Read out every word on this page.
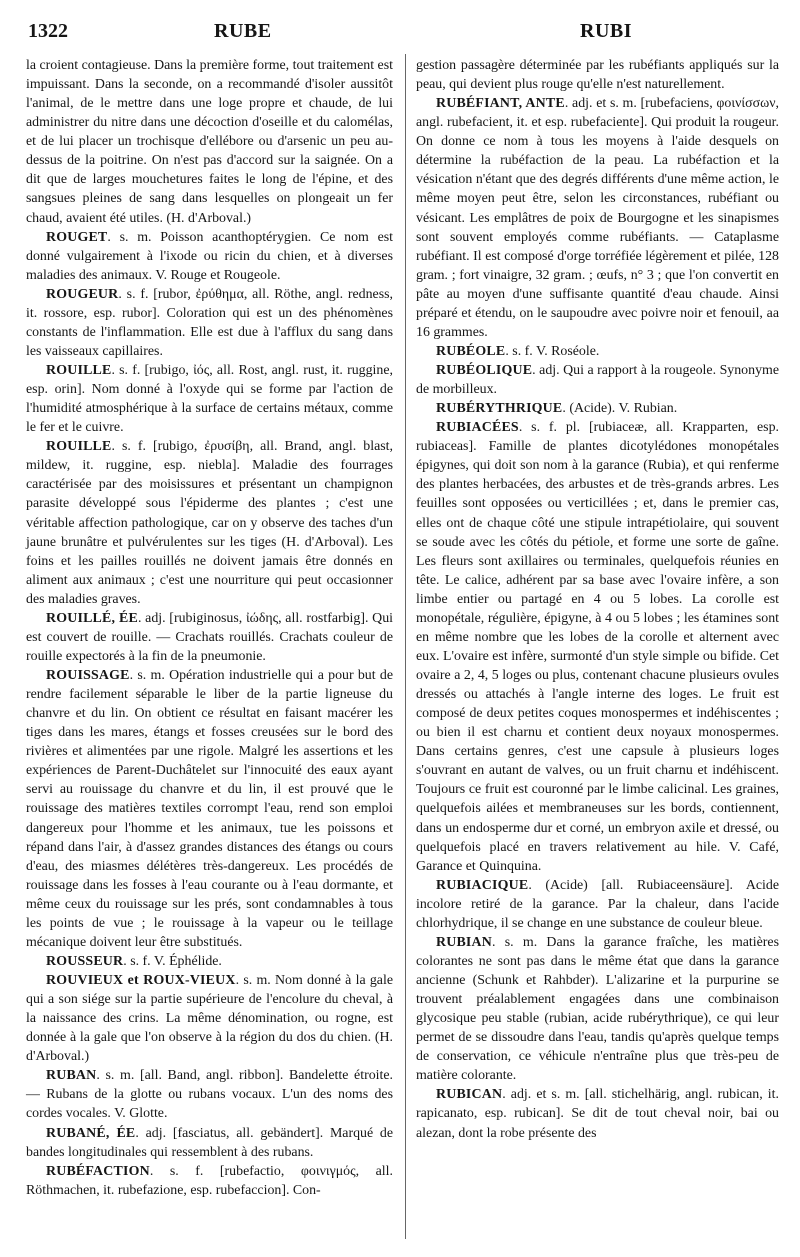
1322	RUBE	RUBI

la croient contagieuse. Dans la première forme, tout traitement est impuissant. Dans la seconde, on a recommandé d'isoler aussitôt l'animal, de le mettre dans une loge propre et chaude, de lui administrer du nitre dans une décoction d'oseille et du calomélas, et de lui placer un trochisque d'ellébore ou d'arsenic un peu au-dessus de la poitrine. On n'est pas d'accord sur la saignée. On a dit que de larges mouchetures faites le long de l'épine, et des sangsues pleines de sang dans lesquelles on plongeait un fer chaud, avaient été utiles. (H. d'Arboval.)

ROUGET. s. m. Poisson acanthoptérygien. Ce nom est donné vulgairement à l'ixode ou ricin du chien, et à diverses maladies des animaux. V. Rouge et Rougeole.

ROUGEUR. s. f. [rubor, ἐρύθημα, all. Röthe, angl. redness, it. rossore, esp. rubor]. Coloration qui est un des phénomènes constants de l'inflammation. Elle est due à l'afflux du sang dans les vaisseaux capillaires.

ROUILLE. s. f. [rubigo, ἰός, all. Rost, angl. rust, it. ruggine, esp. orin]. Nom donné à l'oxyde qui se forme par l'action de l'humidité atmosphérique à la surface de certains métaux, comme le fer et le cuivre.

ROUILLE. s. f. [rubigo, ἐρυσίβη, all. Brand, angl. blast, mildew, it. ruggine, esp. niebla]. Maladie des fourrages caractérisée par des moisissures et présentant un champignon parasite développé sous l'épiderme des plantes ; c'est une véritable affection pathologique, car on y observe des taches d'un jaune brunâtre et pulvérulentes sur les tiges (H. d'Arboval). Les foins et les pailles rouillés ne doivent jamais être donnés en aliment aux animaux ; c'est une nourriture qui peut occasionner des maladies graves.

ROUILLÉ, ÉE. adj. [rubiginosus, ἰώδης, all. rostfarbig]. Qui est couvert de rouille. — Crachats rouillés. Crachats couleur de rouille expectorés à la fin de la pneumonie.

ROUISSAGE. s. m. Opération industrielle qui a pour but de rendre facilement séparable le liber de la partie ligneuse du chanvre et du lin. On obtient ce résultat en faisant macérer les tiges dans les mares, étangs et fosses creusées sur le bord des rivières et alimentées par une rigole. Malgré les assertions et les expériences de Parent-Duchâtelet sur l'innocuité des eaux ayant servi au rouissage du chanvre et du lin, il est prouvé que le rouissage des matières textiles corrompt l'eau, rend son emploi dangereux pour l'homme et les animaux, tue les poissons et répand dans l'air, à d'assez grandes distances des étangs ou cours d'eau, des miasmes délétères très-dangereux. Les procédés de rouissage dans les fosses à l'eau courante ou à l'eau dormante, et même ceux du rouissage sur les prés, sont condamnables à tous les points de vue ; le rouissage à la vapeur ou le teillage mécanique doivent leur être substitués.

ROUSSEUR. s. f. V. Éphélide.

ROUVIEUX et ROUX-VIEUX. s. m. Nom donné à la gale qui a son siége sur la partie supérieure de l'encolure du cheval, à la naissance des crins. La même dénomination, ou rogne, est donnée à la gale que l'on observe à la région du dos du chien. (H. d'Arboval.)

RUBAN. s. m. [all. Band, angl. ribbon]. Bandelette étroite. — Rubans de la glotte ou rubans vocaux. L'un des noms des cordes vocales. V. Glotte.

RUBANÉ, ÉE. adj. [fasciatus, all. gebändert]. Marqué de bandes longitudinales qui ressemblent à des rubans.

RUBÉFACTION. s. f. [rubefactio, φοινιγμός, all. Röthmachen, it. rubefazione, esp. rubefaccion]. Con-

gestion passagère déterminée par les rubéfiants appliqués sur la peau, qui devient plus rouge qu'elle n'est naturellement.

RUBÉFIANT, ANTE. adj. et s. m. [rubefaciens, φοινίσσων, angl. rubefacient, it. et esp. rubefaciente]. Qui produit la rougeur. On donne ce nom à tous les moyens à l'aide desquels on détermine la rubéfaction de la peau. La rubéfaction et la vésication n'étant que des degrés différents d'une même action, le même moyen peut être, selon les circonstances, rubéfiant ou vésicant. Les emplâtres de poix de Bourgogne et les sinapismes sont souvent employés comme rubéfiants. — Cataplasme rubéfiant. Il est composé d'orge torréfiée légèrement et pilée, 128 gram. ; fort vinaigre, 32 gram. ; œufs, n° 3 ; que l'on convertit en pâte au moyen d'une suffisante quantité d'eau chaude. Ainsi préparé et étendu, on le saupoudre avec poivre noir et fenouil, aa 16 grammes.

RUBÉOLE. s. f. V. Roséole.

RUBÉOLIQUE. adj. Qui a rapport à la rougeole. Synonyme de morbilleux.

RUBÉRYTHRIQUE. (Acide). V. Rubian.

RUBIACÉES. s. f. pl. [rubiaceæ, all. Krapparten, esp. rubiaceas]. Famille de plantes dicotylédones monopétales épigynes, qui doit son nom à la garance (Rubia), et qui renferme des plantes herbacées, des arbustes et de très-grands arbres. Les feuilles sont opposées ou verticillées ; et, dans le premier cas, elles ont de chaque côté une stipule intrapétiolaire, qui souvent se soude avec les côtés du pétiole, et forme une sorte de gaîne. Les fleurs sont axillaires ou terminales, quelquefois réunies en tête. Le calice, adhérent par sa base avec l'ovaire infère, a son limbe entier ou partagé en 4 ou 5 lobes. La corolle est monopétale, régulière, épigyne, à 4 ou 5 lobes ; les étamines sont en même nombre que les lobes de la corolle et alternent avec eux. L'ovaire est infère, surmonté d'un style simple ou bifide. Cet ovaire a 2, 4, 5 loges ou plus, contenant chacune plusieurs ovules dressés ou attachés à l'angle interne des loges. Le fruit est composé de deux petites coques monospermes et indéhiscentes ; ou bien il est charnu et contient deux noyaux monospermes. Dans certains genres, c'est une capsule à plusieurs loges s'ouvrant en autant de valves, ou un fruit charnu et indéhiscent. Toujours ce fruit est couronné par le limbe calicinal. Les graines, quelquefois ailées et membraneuses sur les bords, contiennent, dans un endosperme dur et corné, un embryon axile et dressé, ou quelquefois placé en travers relativement au hile. V. Café, Garance et Quinquina.

RUBIACIQUE. (Acide) [all. Rubiaceensäure]. Acide incolore retiré de la garance. Par la chaleur, dans l'acide chlorhydrique, il se change en une substance de couleur bleue.

RUBIAN. s. m. Dans la garance fraîche, les matières colorantes ne sont pas dans le même état que dans la garance ancienne (Schunk et Rahbder). L'alizarine et la purpurine se trouvent préalablement engagées dans une combinaison glycosique peu stable (rubian, acide rubérythrique), ce qui leur permet de se dissoudre dans l'eau, tandis qu'après quelque temps de conservation, ce véhicule n'entraîne plus que très-peu de matière colorante.

RUBICAN. adj. et s. m. [all. stichelhärig, angl. rubican, it. rapicanato, esp. rubican]. Se dit de tout cheval noir, bai ou alezan, dont la robe présente des
